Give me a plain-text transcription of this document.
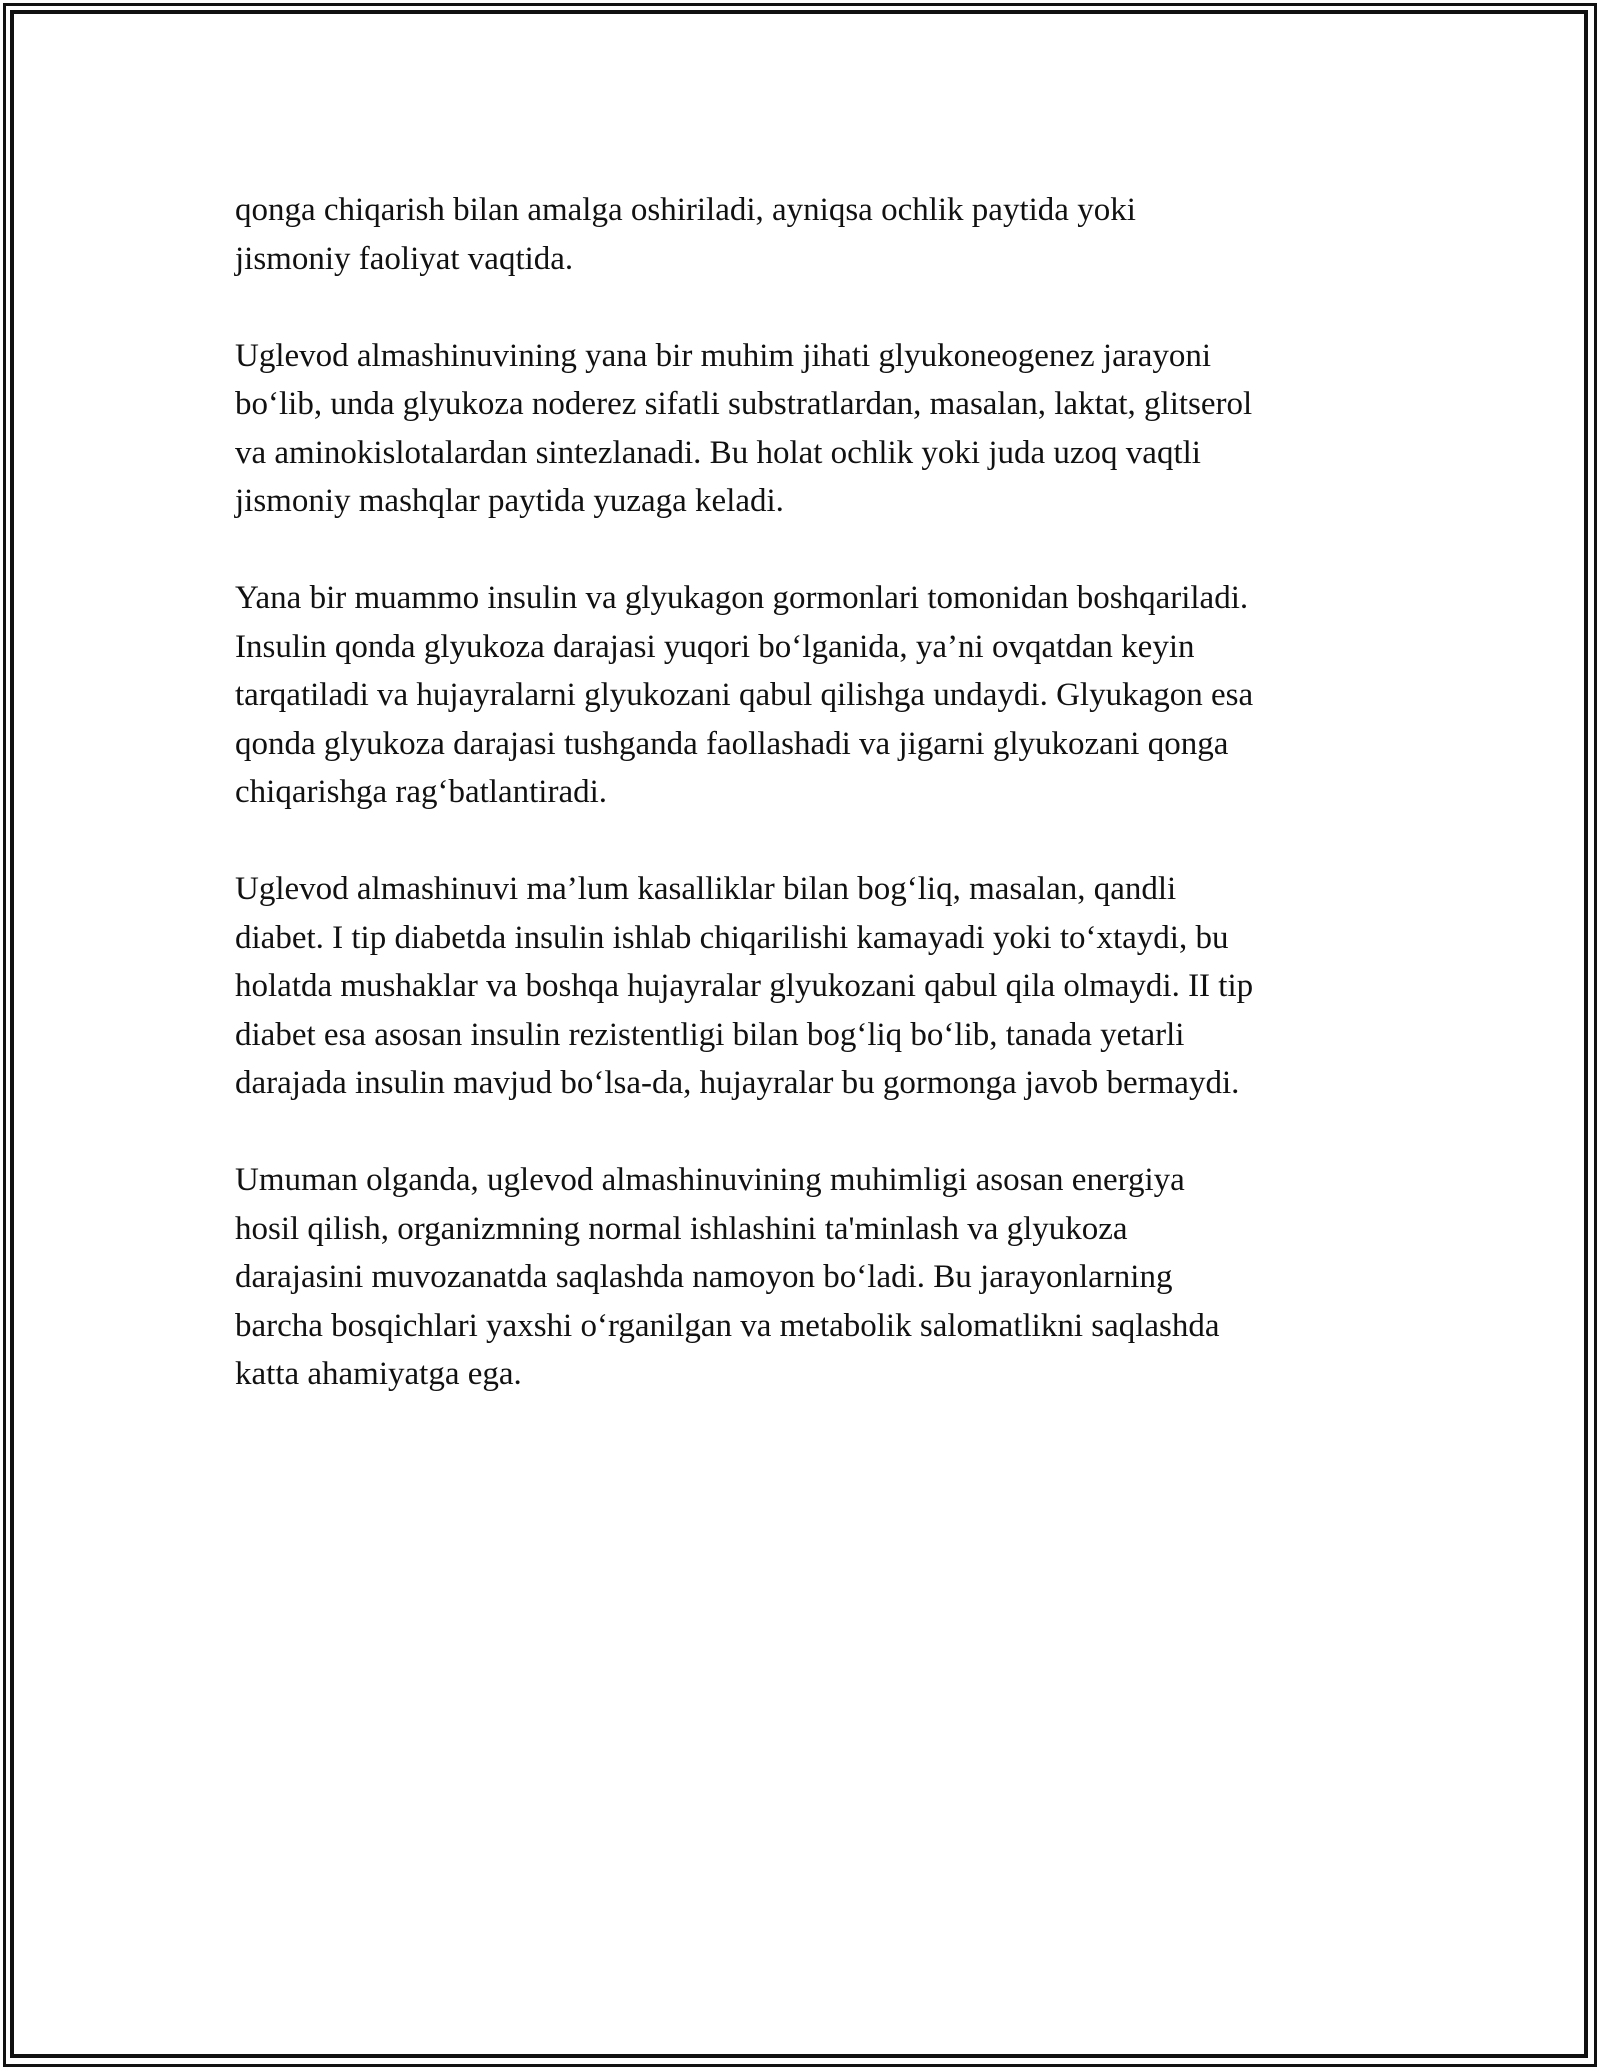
qonga chiqarish bilan amalga oshiriladi, ayniqsa ochlik paytida yoki
jismoniy faoliyat vaqtida.

Uglevod almashinuvining yana bir muhim jihati glyukoneogenez jarayoni
bo‘lib, unda glyukoza noderez sifatli substratlardan, masalan, laktat, glitserol
va aminokislotalardan sintezlanadi. Bu holat ochlik yoki juda uzoq vaqtli
jismoniy mashqlar paytida yuzaga keladi.

Yana bir muammo insulin va glyukagon gormonlari tomonidan boshqariladi.
Insulin qonda glyukoza darajasi yuqori bo‘lganida, ya’ni ovqatdan keyin
tarqatiladi va hujayralarni glyukozani qabul qilishga undaydi. Glyukagon esa
qonda glyukoza darajasi tushganda faollashadi va jigarni glyukozani qonga
chiqarishga rag‘batlantiradi.

Uglevod almashinuvi ma’lum kasalliklar bilan bog‘liq, masalan, qandli
diabet. I tip diabetda insulin ishlab chiqarilishi kamayadi yoki to‘xtaydi, bu
holatda mushaklar va boshqa hujayralar glyukozani qabul qila olmaydi. II tip
diabet esa asosan insulin rezistentligi bilan bog‘liq bo‘lib, tanada yetarli
darajada insulin mavjud bo‘lsa-da, hujayralar bu gormonga javob bermaydi.

Umuman olganda, uglevod almashinuvining muhimligi asosan energiya
hosil qilish, organizmning normal ishlashini ta'minlash va glyukoza
darajasini muvozanatda saqlashda namoyon bo‘ladi. Bu jarayonlarning
barcha bosqichlari yaxshi o‘rganilgan va metabolik salomatlikni saqlashda
katta ahamiyatga ega.
